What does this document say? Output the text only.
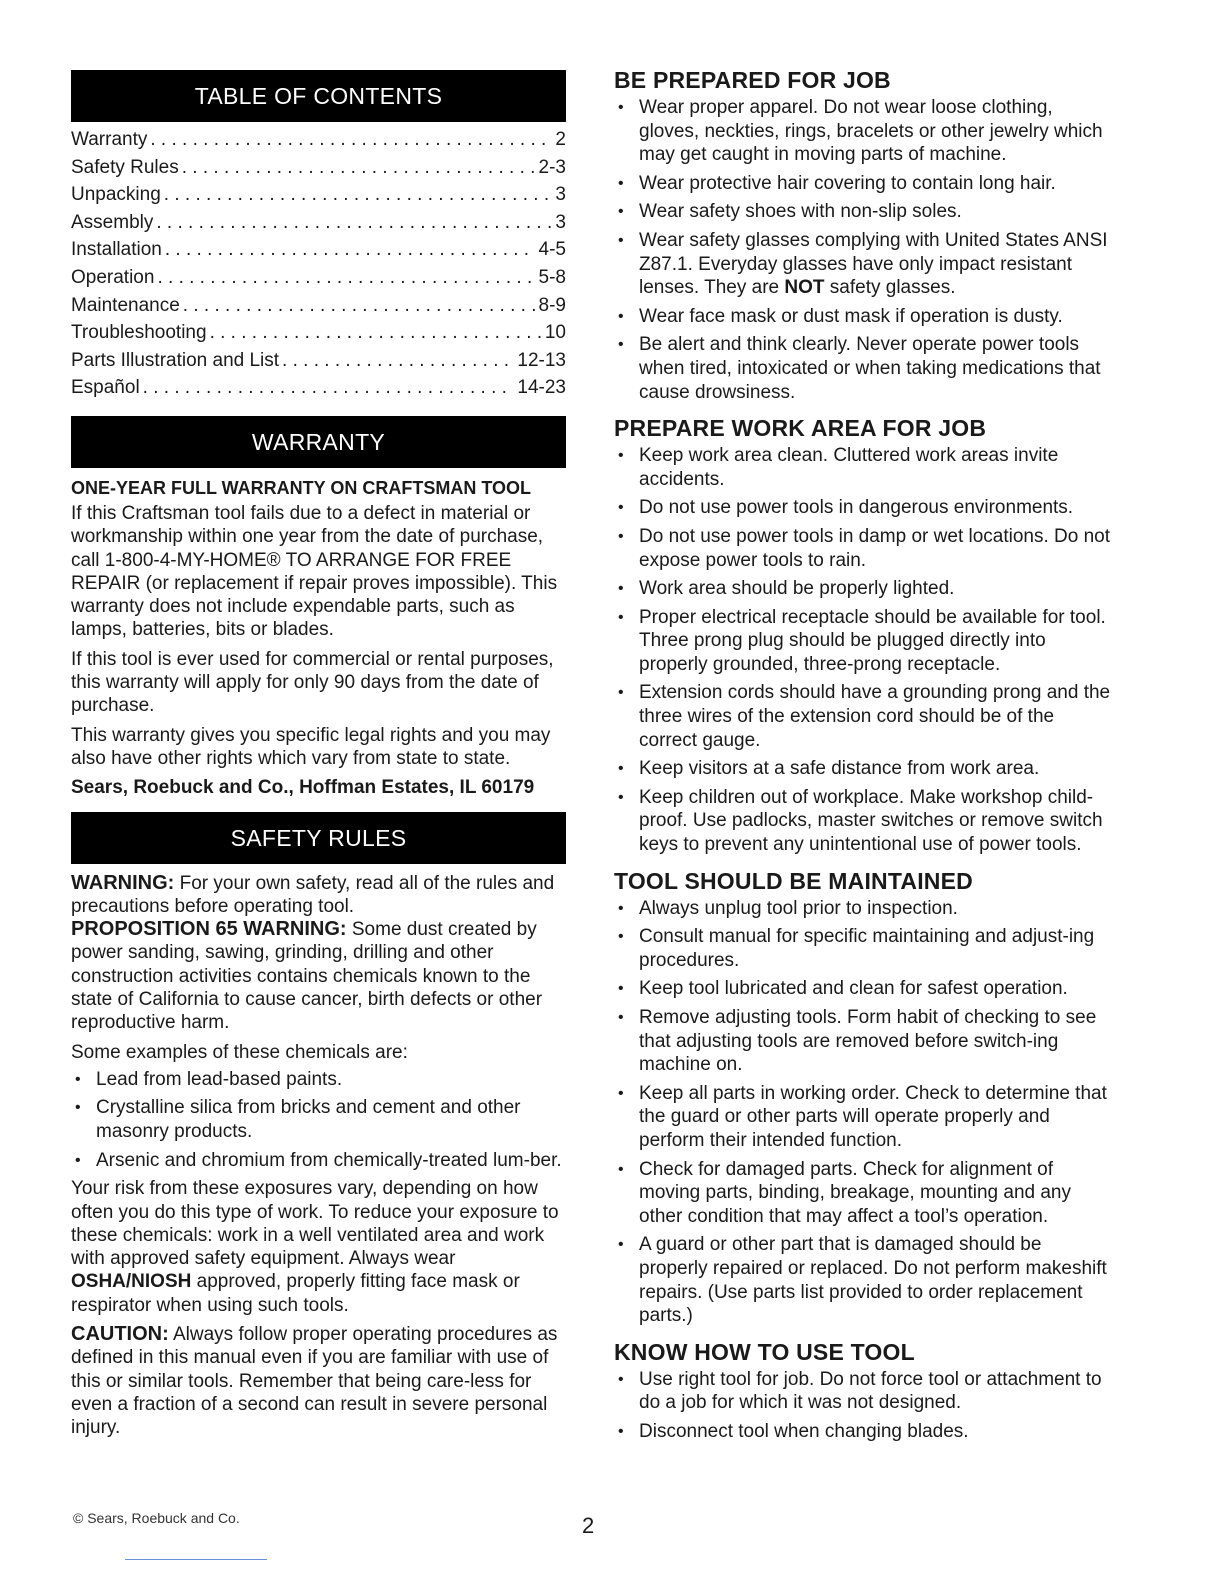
TABLE OF CONTENTS
Warranty . . .	2
Safety Rules . . .	2-3
Unpacking . . .	3
Assembly . . .	3
Installation . . .	4-5
Operation . . .	5-8
Maintenance . . .	8-9
Troubleshooting . . .	10
Parts Illustration and List . . .	12-13
Español . . .	14-23
WARRANTY

ONE-YEAR FULL WARRANTY ON CRAFTSMAN TOOL

If this Craftsman tool fails due to a defect in material or workmanship within one year from the date of purchase, call 1-800-4-MY-HOME® TO ARRANGE FOR FREE REPAIR (or replacement if repair proves impossible). This warranty does not include expendable parts, such as lamps, batteries, bits or blades.

If this tool is ever used for commercial or rental purposes, this warranty will apply for only 90 days from the date of purchase.

This warranty gives you specific legal rights and you may also have other rights which vary from state to state.

Sears, Roebuck and Co., Hoffman Estates, IL 60179

SAFETY RULES

WARNING: For your own safety, read all of the rules and precautions before operating tool.

PROPOSITION 65 WARNING: Some dust created by power sanding, sawing, grinding, drilling and other construction activities contains chemicals known to the state of California to cause cancer, birth defects or other reproductive harm.

Some examples of these chemicals are:

• Lead from lead-based paints.
• Crystalline silica from bricks and cement and other masonry products.
• Arsenic and chromium from chemically-treated lum-ber.

Your risk from these exposures vary, depending on how often you do this type of work. To reduce your exposure to these chemicals: work in a well ventilated area and work with approved safety equipment. Always wear OSHA/NIOSH approved, properly fitting face mask or respirator when using such tools.

CAUTION: Always follow proper operating procedures as defined in this manual even if you are familiar with use of this or similar tools. Remember that being care-less for even a fraction of a second can result in severe personal injury.

BE PREPARED FOR JOB
• Wear proper apparel. Do not wear loose clothing, gloves, neckties, rings, bracelets or other jewelry which may get caught in moving parts of machine.
• Wear protective hair covering to contain long hair.
• Wear safety shoes with non-slip soles.
• Wear safety glasses complying with United States ANSI Z87.1. Everyday glasses have only impact resistant lenses. They are NOT safety glasses.
• Wear face mask or dust mask if operation is dusty.
• Be alert and think clearly. Never operate power tools when tired, intoxicated or when taking medications that cause drowsiness.
PREPARE WORK AREA FOR JOB
• Keep work area clean. Cluttered work areas invite accidents.
• Do not use power tools in dangerous environments.
• Do not use power tools in damp or wet locations. Do not expose power tools to rain.
• Work area should be properly lighted.
• Proper electrical receptacle should be available for tool. Three prong plug should be plugged directly into properly grounded, three-prong receptacle.
• Extension cords should have a grounding prong and the three wires of the extension cord should be of the correct gauge.
• Keep visitors at a safe distance from work area.
• Keep children out of workplace. Make workshop child-proof. Use padlocks, master switches or remove switch keys to prevent any unintentional use of power tools.
TOOL SHOULD BE MAINTAINED
• Always unplug tool prior to inspection.
• Consult manual for specific maintaining and adjust-ing procedures.
• Keep tool lubricated and clean for safest operation.
• Remove adjusting tools. Form habit of checking to see that adjusting tools are removed before switch-ing machine on.
• Keep all parts in working order. Check to determine that the guard or other parts will operate properly and perform their intended function.
• Check for damaged parts. Check for alignment of moving parts, binding, breakage, mounting and any other condition that may affect a tool’s operation.
• A guard or other part that is damaged should be properly repaired or replaced. Do not perform makeshift repairs. (Use parts list provided to order replacement parts.)
KNOW HOW TO USE TOOL
• Use right tool for job. Do not force tool or attachment to do a job for which it was not designed.
• Disconnect tool when changing blades.
© Sears, Roebuck and Co.	2
